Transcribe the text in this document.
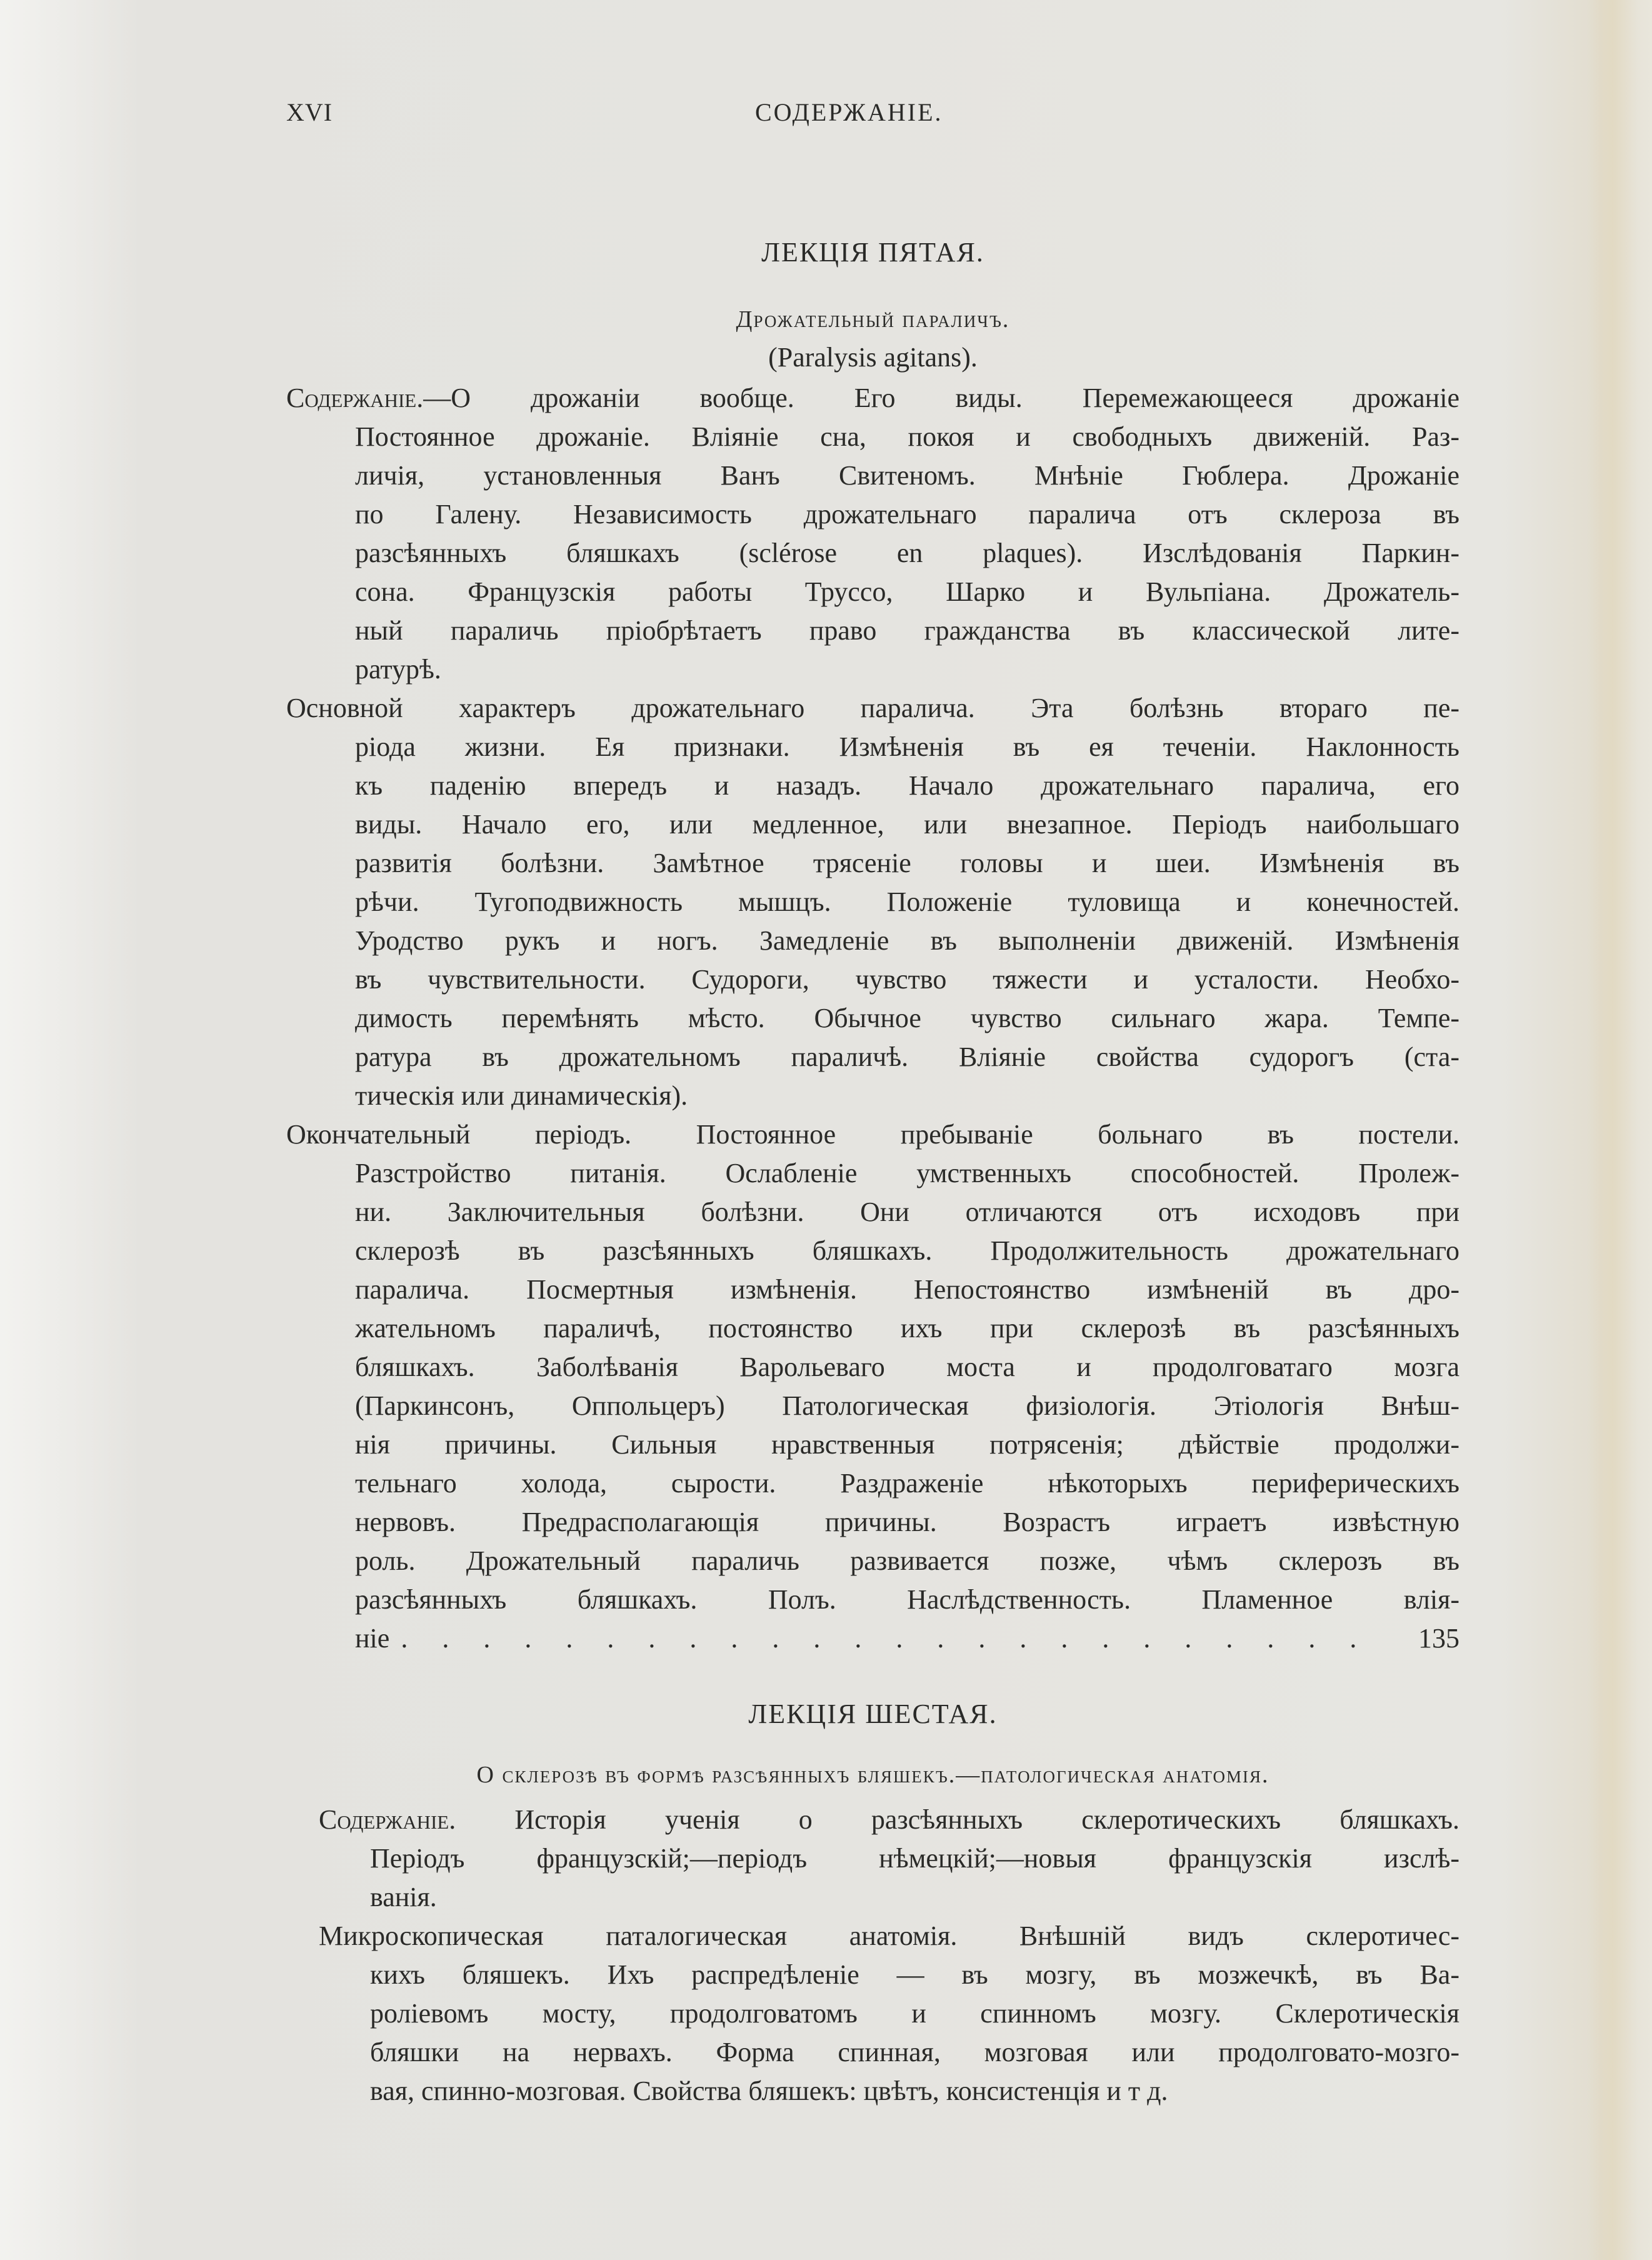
XVI	СОДЕРЖАНІЕ.
ЛЕКЦІЯ ПЯТАЯ.
Дрожательный параличъ.
(Paralysis agitans).
Содержаніе.—О дрожаніи вообще. Его виды. Перемежающееся дрожаніе
Постоянное дрожаніе. Вліяніе сна, покоя и свободныхъ движеній. Раз-
личія, установленныя Ванъ Свитеномъ. Мнѣніе Гюблера. Дрожаніе
по Галену. Независимость дрожательнаго паралича отъ склероза въ
разсѣянныхъ бляшкахъ (sclérose en plaques). Изслѣдованія Паркин-
сона. Французскія работы Труссо, Шарко и Вульпіана. Дрожатель-
ный параличь пріобрѣтаетъ право гражданства въ классической лите-
ратурѣ.
Основной характеръ дрожательнаго паралича. Эта болѣзнь втораго пе-
ріода жизни. Ея признаки. Измѣненія въ ея теченіи. Наклонность
къ паденію впередъ и назадъ. Начало дрожательнаго паралича, его
виды. Начало его, или медленное, или внезапное. Періодъ наибольшаго
развитія болѣзни. Замѣтное трясеніе головы и шеи. Измѣненія въ
рѣчи. Тугоподвижность мышцъ. Положеніе туловища и конечностей.
Уродство рукъ и ногъ. Замедленіе въ выполненіи движеній. Измѣненія
въ чувствительности. Судороги, чувство тяжести и усталости. Необхо-
димость перемѣнять мѣсто. Обычное чувство сильнаго жара. Темпе-
ратура въ дрожательномъ параличѣ. Вліяніе свойства судорогъ (ста-
тическія или динамическія).
Окончательный періодъ. Постоянное пребываніе больнаго въ постели.
Разстройство питанія. Ослабленіе умственныхъ способностей. Пролеж-
ни. Заключительныя болѣзни. Они отличаются отъ исходовъ при
склерозѣ въ разсѣянныхъ бляшкахъ. Продолжительность дрожательнаго
паралича. Посмертныя измѣненія. Непостоянство измѣненій въ дро-
жательномъ параличѣ, постоянство ихъ при склерозѣ въ разсѣянныхъ
бляшкахъ. Заболѣванія Варольеваго моста и продолговатаго мозга
(Паркинсонъ, Оппольцеръ) Патологическая физіологія. Этіологія Внѣш-
нія причины. Сильныя нравственныя потрясенія; дѣйствіе продолжи-
тельнаго холода, сырости. Раздраженіе нѣкоторыхъ периферическихъ
нервовъ. Предрасполагающія причины. Возрастъ играетъ извѣстную
роль. Дрожательный параличь развивается позже, чѣмъ склерозъ въ
разсѣянныхъ бляшкахъ. Полъ. Наслѣдственность. Пламенное влія-
ніе . . . . . . . . . . . . . . . . . . . . . . . .	135
ЛЕКЦІЯ ШЕСТАЯ.
О склерозѣ въ формѣ разсѣянныхъ бляшекъ.—патологическая анатомія.
Содержаніе. Исторія ученія о разсѣянныхъ склеротическихъ бляшкахъ.
Періодъ французскій;—періодъ нѣмецкій;—новыя французскія изслѣ-
ванія.
Микроскопическая паталогическая анатомія. Внѣшній видъ склеротичес-
кихъ бляшекъ. Ихъ распредѣленіе — въ мозгу, въ мозжечкѣ, въ Ва-
роліевомъ мосту, продолговатомъ и спинномъ мозгу. Склеротическія
бляшки на нервахъ. Форма спинная, мозговая или продолговато-мозго-
вая, спинно-мозговая. Свойства бляшекъ: цвѣтъ, консистенція и т д.
